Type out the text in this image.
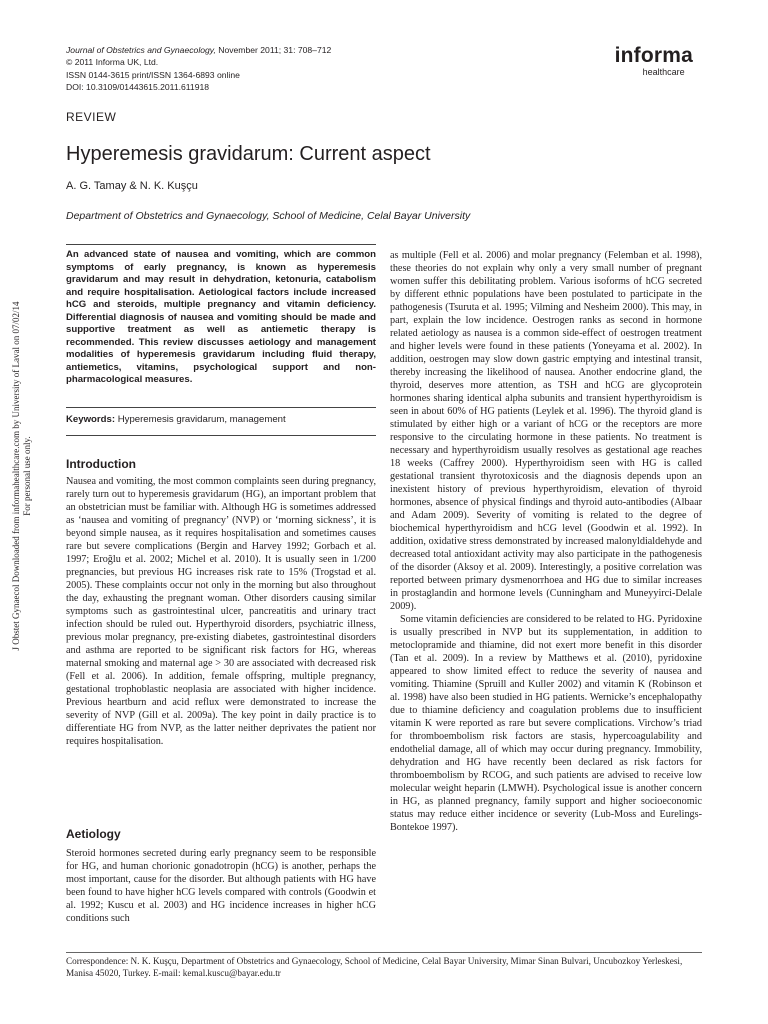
J Obstet Gynaecol Downloaded from informahealthcare.com by University of Laval on 07/02/14 For personal use only.
Journal of Obstetrics and Gynaecology, November 2011; 31: 708–712
© 2011 Informa UK, Ltd.
ISSN 0144-3615 print/ISSN 1364-6893 online
DOI: 10.3109/01443615.2011.611918
informa
healthcare
REVIEW
Hyperemesis gravidarum: Current aspect
A. G. Tamay & N. K. Kuşçu
Department of Obstetrics and Gynaecology, School of Medicine, Celal Bayar University
An advanced state of nausea and vomiting, which are common symptoms of early pregnancy, is known as hyperemesis gravidarum and may result in dehydration, ketonuria, catabolism and require hospitalisation. Aetiological factors include increased hCG and steroids, multiple pregnancy and vitamin deficiency. Differential diagnosis of nausea and vomiting should be made and supportive treatment as well as antiemetic therapy is recommended. This review discusses aetiology and management modalities of hyperemesis gravidarum including fluid therapy, antiemetics, vitamins, psychological support and non-pharmacological measures.
Keywords: Hyperemesis gravidarum, management
Introduction

Nausea and vomiting, the most common complaints seen during pregnancy, rarely turn out to hyperemesis gravidarum (HG), an important problem that an obstetrician must be familiar with. Although HG is sometimes addressed as ‘nausea and vomiting of pregnancy’ (NVP) or ‘morning sickness’, it is beyond simple nausea, as it requires hospitalisation and sometimes causes rare but severe complications (Bergin and Harvey 1992; Gorbach et al. 1997; Eroğlu et al. 2002; Michel et al. 2010). It is usually seen in 1/200 pregnancies, but previous HG increases risk rate to 15% (Trogstad et al. 2005). These complaints occur not only in the morning but also throughout the day, exhausting the pregnant woman. Other disorders causing similar symptoms such as gastrointestinal ulcer, pancreatitis and urinary tract infection should be ruled out. Hyperthyroid disorders, psychiatric illness, previous molar pregnancy, pre-existing diabetes, gastrointestinal disorders and asthma are reported to be significant risk factors for HG, whereas maternal smoking and maternal age > 30 are associated with decreased risk (Fell et al. 2006). In addition, female offspring, multiple pregnancy, gestational trophoblastic neoplasia are associated with higher incidence. Previous heartburn and acid reflux were demonstrated to increase the severity of NVP (Gill et al. 2009a). The key point in daily practice is to differentiate HG from NVP, as the latter neither deprivates the patient nor requires hospitalisation.

Aetiology

Steroid hormones secreted during early pregnancy seem to be responsible for HG, and human chorionic gonadotropin (hCG) is another, perhaps the most important, cause for the disorder. But although patients with HG have been found to have higher hCG levels compared with controls (Goodwin et al. 1992; Kuscu et al. 2003) and HG incidence increases in higher hCG conditions such

as multiple (Fell et al. 2006) and molar pregnancy (Felemban et al. 1998), these theories do not explain why only a very small number of pregnant women suffer this debilitating problem. Various isoforms of hCG secreted by different ethnic populations have been postulated to participate in the pathogenesis (Tsuruta et al. 1995; Vilming and Nesheim 2000). This may, in part, explain the low incidence. Oestrogen ranks as second in hormone related aetiology as nausea is a common side-effect of oestrogen treatment and higher levels were found in these patients (Yoneyama et al. 2002). In addition, oestrogen may slow down gastric emptying and intestinal transit, thereby increasing the likelihood of nausea. Another endocrine gland, the thyroid, deserves more attention, as TSH and hCG are glycoprotein hormones sharing identical alpha subunits and transient hyperthyroidism is seen in about 60% of HG patients (Leylek et al. 1996). The thyroid gland is stimulated by either high or a variant of hCG or the receptors are more responsive to the circulating hormone in these patients. No treatment is necessary and hyperthyroidism usually resolves as gestational age reaches 18 weeks (Caffrey 2000). Hyperthyroidism seen with HG is called gestational transient thyrotoxicosis and the diagnosis depends upon an inexistent history of previous hyperthyroidism, elevation of thyroid hormones, absence of physical findings and thyroid auto-antibodies (Albaar and Adam 2009). Severity of vomiting is related to the degree of biochemical hyperthyroidism and hCG level (Goodwin et al. 1992). In addition, oxidative stress demonstrated by increased malonyldialdehyde and decreased total antioxidant activity may also participate in the pathogenesis of the disorder (Aksoy et al. 2009). Interestingly, a positive correlation was reported between primary dysmenorrhoea and HG due to similar increases in prostaglandin and hormone levels (Cunningham and Muneyyirci-Delale 2009).

Some vitamin deficiencies are considered to be related to HG. Pyridoxine is usually prescribed in NVP but its supplementation, in addition to metoclopramide and thiamine, did not exert more benefit in this disorder (Tan et al. 2009). In a review by Matthews et al. (2010), pyridoxine appeared to show limited effect to reduce the severity of nausea and vomiting. Thiamine (Spruill and Kuller 2002) and vitamin K (Robinson et al. 1998) have also been studied in HG patients. Wernicke’s encephalopathy due to thiamine deficiency and coagulation problems due to insufficient vitamin K were reported as rare but severe complications. Virchow’s triad for thromboembolism risk factors are stasis, hypercoagulability and endothelial damage, all of which may occur during pregnancy. Immobility, dehydration and HG have recently been declared as risk factors for thromboembolism by RCOG, and such patients are advised to receive low molecular weight heparin (LMWH). Psychological issue is another concern in HG, as planned pregnancy, family support and higher socioeconomic status may reduce either incidence or severity (Lub-Moss and Eurelings-Bontekoe 1997).

Correspondence: N. K. Kuşçu, Department of Obstetrics and Gynaecology, School of Medicine, Celal Bayar University, Mimar Sinan Bulvari, Uncubozkoy Yerleskesi, Manisa 45020, Turkey. E-mail: kemal.kuscu@bayar.edu.tr
